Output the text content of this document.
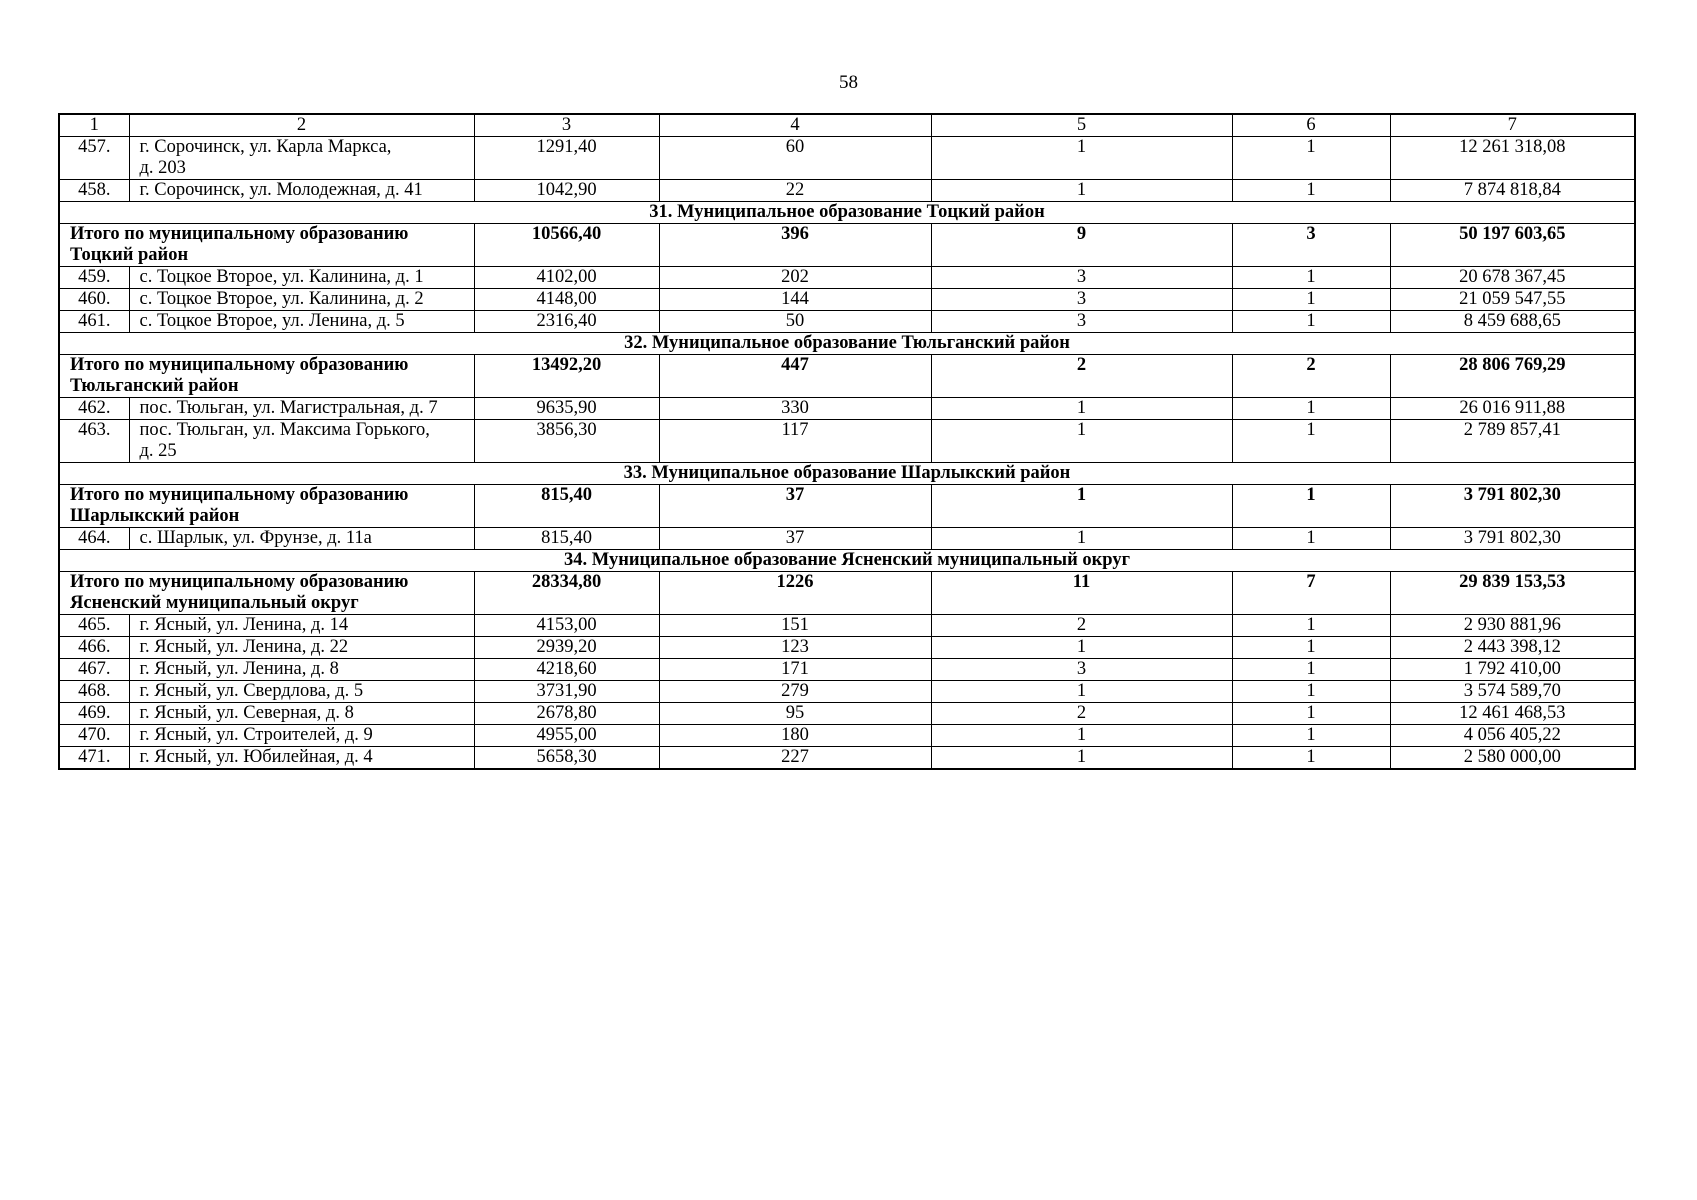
58
1	2	3	4	5	6	7
457.	г. Сорочинск, ул. Карла Маркса,
д. 203	1291,40	60	1	1	12 261 318,08
458.	г. Сорочинск, ул. Молодежная, д. 41	1042,90	22	1	1	7 874 818,84
31. Муниципальное образование Тоцкий район						

Итого по муниципальному образованию
Тоцкий район		10566,40	396	9	3	50 197 603,65
459.	с. Тоцкое Второе, ул. Калинина, д. 1	4102,00	202	3	1	20 678 367,45
460.	с. Тоцкое Второе, ул. Калинина, д. 2	4148,00	144	3	1	21 059 547,55
461.	с. Тоцкое Второе, ул. Ленина, д. 5	2316,40	50	3	1	8 459 688,65
32. Муниципальное образование Тюльганский район						

Итого по муниципальному образованию
Тюльганский район		13492,20	447	2	2	28 806 769,29
462.	пос. Тюльган, ул. Магистральная, д. 7	9635,90	330	1	1	26 016 911,88
463.	пос. Тюльган, ул. Максима Горького,
д. 25	3856,30	117	1	1	2 789 857,41
33. Муниципальное образование Шарлыкский район						

Итого по муниципальному образованию
Шарлыкский район		815,40	37	1	1	3 791 802,30
464.	с. Шарлык, ул. Фрунзе, д. 11а	815,40	37	1	1	3 791 802,30
34. Муниципальное образование Ясненский муниципальный округ						

Итого по муниципальному образованию
Ясненский муниципальный округ		28334,80	1226	11	7	29 839 153,53
465.	г. Ясный, ул. Ленина, д. 14	4153,00	151	2	1	2 930 881,96
466.	г. Ясный, ул. Ленина, д. 22	2939,20	123	1	1	2 443 398,12
467.	г. Ясный, ул. Ленина, д. 8	4218,60	171	3	1	1 792 410,00
468.	г. Ясный, ул. Свердлова, д. 5	3731,90	279	1	1	3 574 589,70
469.	г. Ясный, ул. Северная, д. 8	2678,80	95	2	1	12 461 468,53
470.	г. Ясный, ул. Строителей, д. 9	4955,00	180	1	1	4 056 405,22
471.	г. Ясный, ул. Юбилейная, д. 4	5658,30	227	1	1	2 580 000,00
